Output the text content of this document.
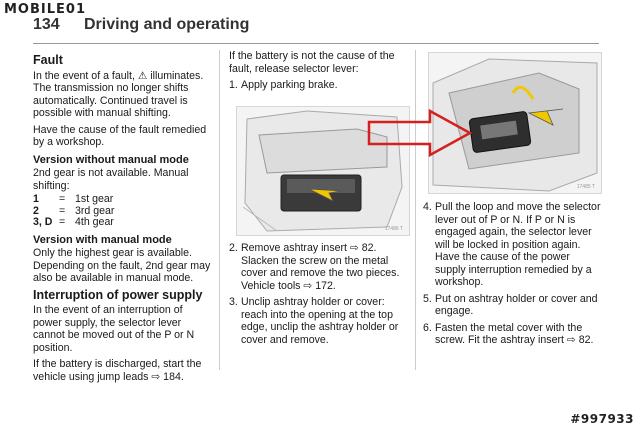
MOBILE01
134 Driving and operating
Fault

In the event of a fault, ⚠ illuminates. The transmission no longer shifts automatically. Continued travel is possible with manual shifting.

Have the cause of the fault remedied by a workshop.

Version without manual mode

2nd gear is not available. Manual shifting:

1	= 1st gear
2	= 3rd gear
3, D = 4th gear
Version with manual mode

Only the highest gear is available. Depending on the fault, 2nd gear may also be available in manual mode.

Interruption of power supply

In the event of an interruption of power supply, the selector lever cannot be moved out of the P or N position.

If the battery is discharged, start the vehicle using jump leads ⇨ 184.

If the battery is not the cause of the fault, release selector lever:

1. Apply parking brake.
17486 T
2. Remove ashtray insert ⇨ 82. Slacken the screw on the metal cover and remove the two pieces. Vehicle tools ⇨ 172.
3. Unclip ashtray holder or cover: reach into the opening at the top edge, unclip the ashtray holder or cover and remove.
17485 T
4. Pull the loop and move the selector lever out of P or N. If P or N is engaged again, the selector lever will be locked in position again. Have the cause of the power supply interruption remedied by a workshop.
5. Put on ashtray holder or cover and engage.
6. Fasten the metal cover with the screw. Fit the ashtray insert ⇨ 82.
#997933
